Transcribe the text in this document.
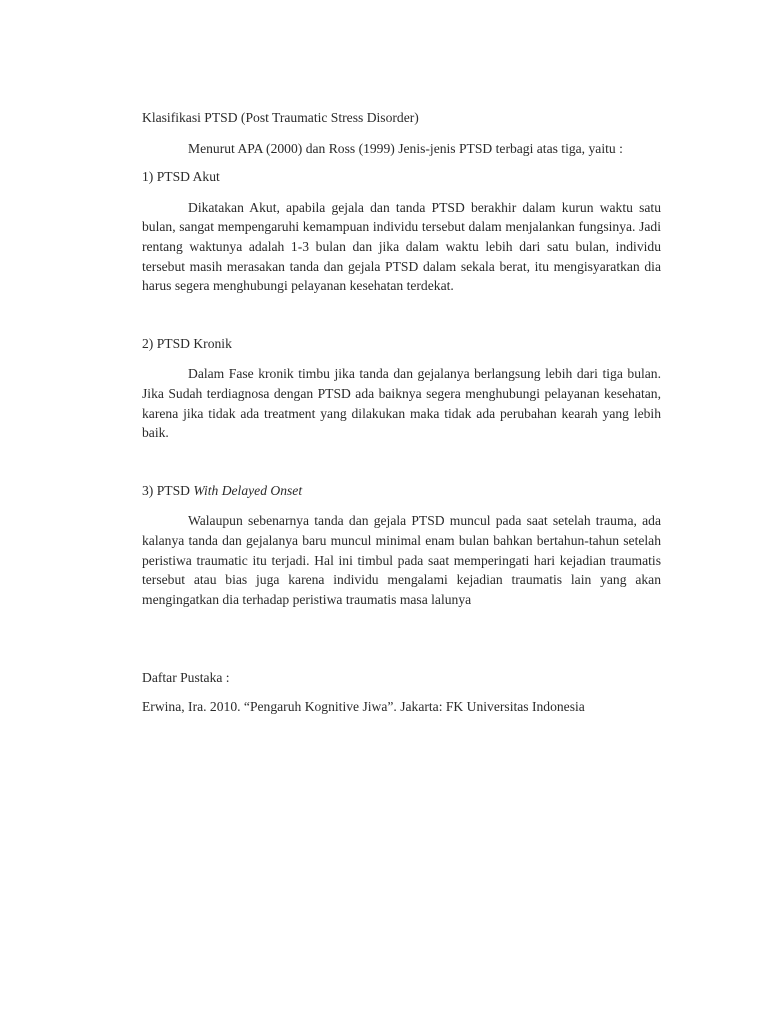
Klasifikasi PTSD (Post Traumatic Stress Disorder)

Menurut APA (2000) dan Ross (1999) Jenis-jenis PTSD terbagi atas tiga, yaitu :

1) PTSD Akut

Dikatakan Akut, apabila gejala dan tanda PTSD berakhir dalam kurun waktu satu bulan, sangat mempengaruhi kemampuan individu tersebut dalam menjalankan fungsinya. Jadi rentang waktunya adalah 1-3 bulan dan jika dalam waktu lebih dari satu bulan, individu tersebut masih merasakan tanda dan gejala PTSD dalam sekala berat, itu mengisyaratkan dia harus segera menghubungi pelayanan kesehatan terdekat.

2) PTSD Kronik

Dalam Fase kronik timbu jika tanda dan gejalanya berlangsung lebih dari tiga bulan. Jika Sudah terdiagnosa dengan PTSD ada baiknya segera menghubungi pelayanan kesehatan, karena jika tidak ada treatment yang dilakukan maka tidak ada perubahan kearah yang lebih baik.

3) PTSD With Delayed Onset

Walaupun sebenarnya tanda dan gejala PTSD muncul pada saat setelah trauma, ada kalanya tanda dan gejalanya baru muncul minimal enam bulan bahkan bertahun-tahun setelah peristiwa traumatic itu terjadi. Hal ini timbul pada saat memperingati hari kejadian traumatis tersebut atau bias juga karena individu mengalami kejadian traumatis lain yang akan mengingatkan dia terhadap peristiwa traumatis masa lalunya

Daftar Pustaka :

Erwina, Ira. 2010. “Pengaruh Kognitive Jiwa”. Jakarta: FK Universitas Indonesia
